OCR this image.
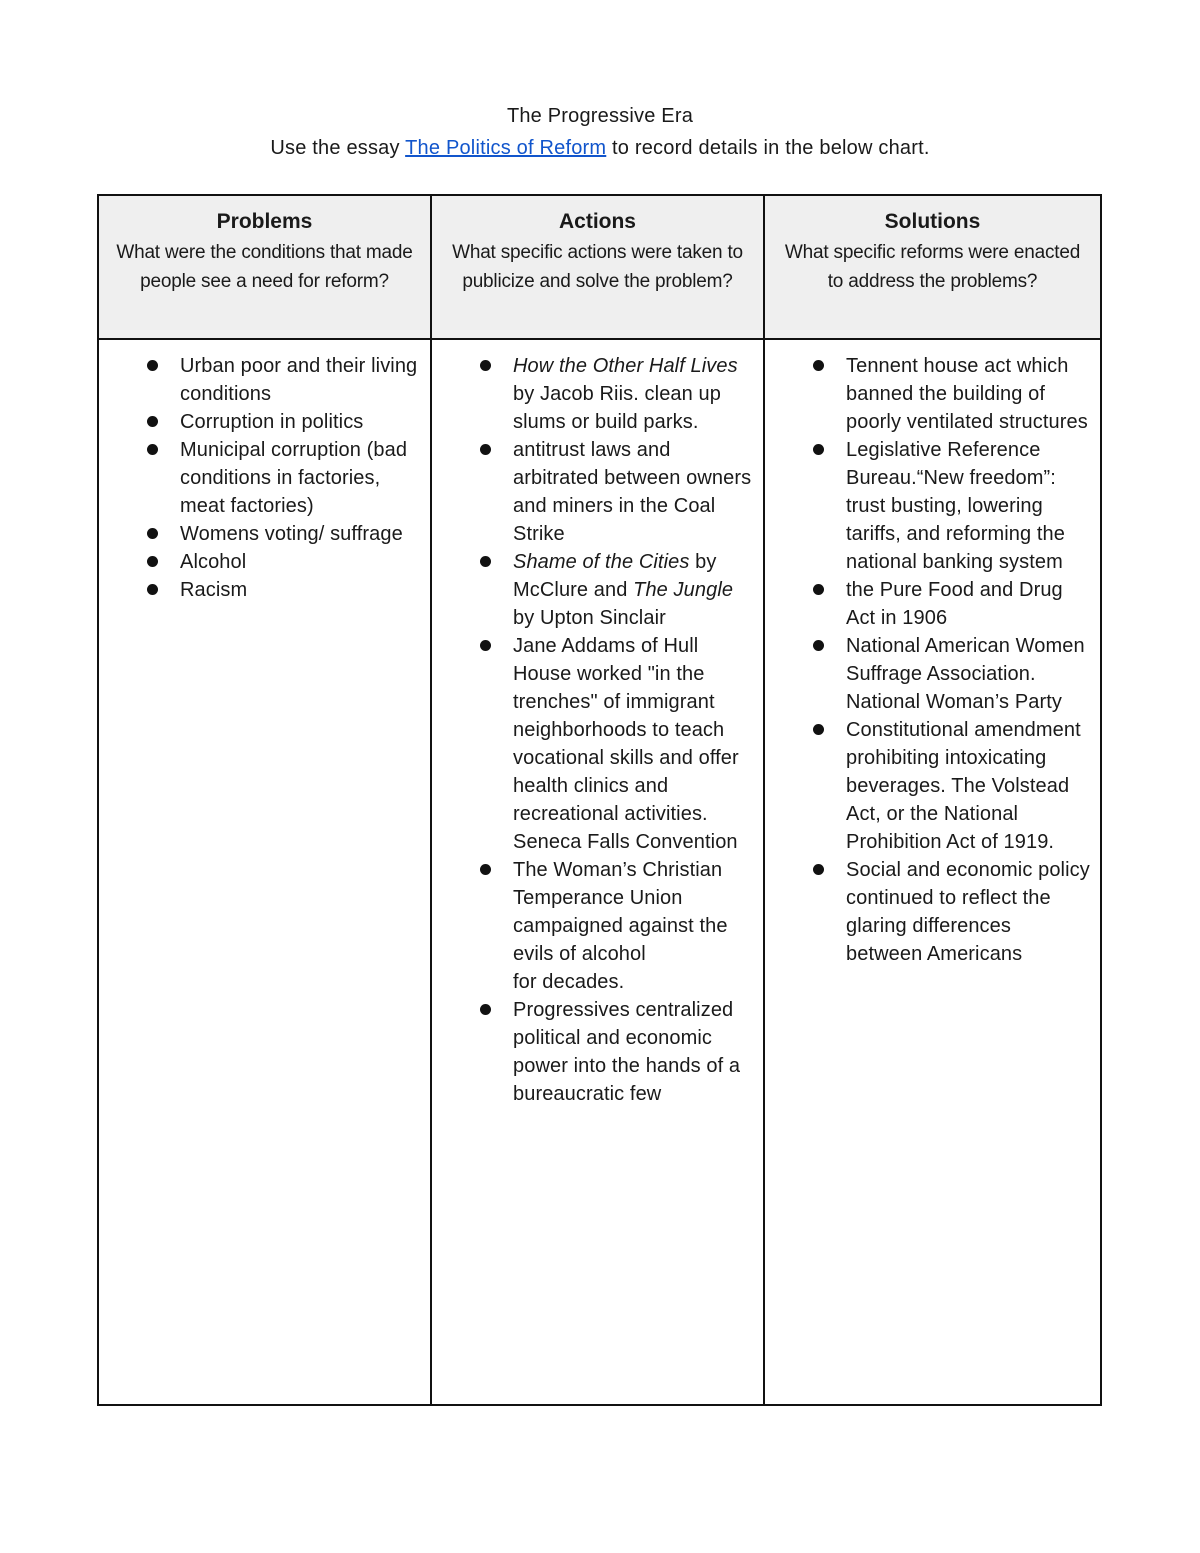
The Progressive Era
Use the essay The Politics of Reform to record details in the below chart.
Problems
What were the conditions that made people see a need for reform?
Actions
What specific actions were taken to publicize and solve the problem?
Solutions
What specific reforms were enacted to address the problems?
Urban poor and their living conditions
Corruption in politics
Municipal corruption (bad conditions in factories, meat factories)
Womens voting/ suffrage
Alcohol
Racism
How the Other Half Lives by Jacob Riis. clean up slums or build parks.
antitrust laws and arbitrated between owners and miners in the Coal Strike
Shame of the Cities by McClure and The Jungle by Upton Sinclair
Jane Addams of Hull House worked "in the trenches" of immigrant neighborhoods to teach vocational skills and offer health clinics and recreational activities.
Seneca Falls Convention
The Woman’s Christian Temperance Union campaigned against the evils of alcohol
for decades.
Progressives centralized political and economic power into the hands of a bureaucratic few
Tennent house act which banned the building of poorly ventilated structures
Legislative Reference Bureau.“New freedom”: trust busting, lowering tariffs, and reforming the national banking system
the Pure Food and Drug Act in 1906
National American Women Suffrage Association. National Woman’s Party
Constitutional amendment prohibiting intoxicating beverages. The Volstead Act, or the National Prohibition Act of 1919.
Social and economic policy continued to reflect the
glaring differences between Americans
